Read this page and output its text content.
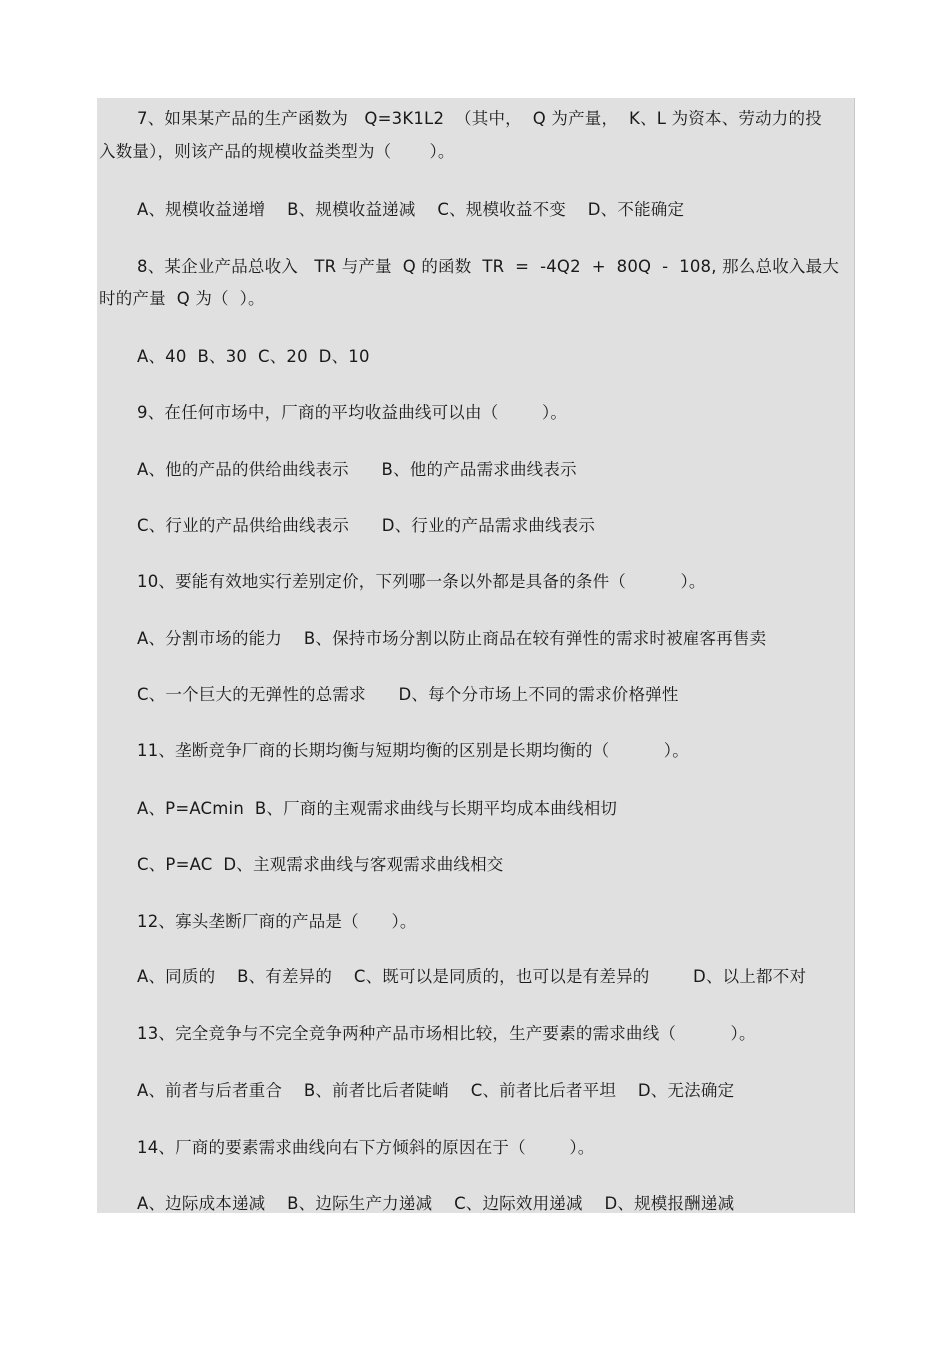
7、如果某产品的生产函数为   Q=3K1L2  （其中，  Q 为产量，  K、L 为资本、劳动力的投
入数量），则该产品的规模收益类型为（       ）。
A、规模收益递增    B、规模收益递减    C、规模收益不变    D、不能确定
8、某企业产品总收入   TR 与产量  Q 的函数  TR  =  -4Q2  +  80Q  -  108, 那么总收入最大
时的产量  Q 为（  ）。
A、40  B、30  C、20  D、10
9、在任何市场中，厂商的平均收益曲线可以由（        ）。
A、他的产品的供给曲线表示      B、他的产品需求曲线表示
C、行业的产品供给曲线表示      D、行业的产品需求曲线表示
10、要能有效地实行差别定价，下列哪一条以外都是具备的条件（          ）。
A、分割市场的能力    B、保持市场分割以防止商品在较有弹性的需求时被雇客再售卖
C、一个巨大的无弹性的总需求      D、每个分市场上不同的需求价格弹性
11、垄断竞争厂商的长期均衡与短期均衡的区别是长期均衡的（          ）。
A、P=ACmin  B、厂商的主观需求曲线与长期平均成本曲线相切
C、P=AC  D、主观需求曲线与客观需求曲线相交
12、寡头垄断厂商的产品是（      ）。
A、同质的    B、有差异的    C、既可以是同质的，也可以是有差异的        D、以上都不对
13、完全竞争与不完全竞争两种产品市场相比较，生产要素的需求曲线（          ）。
A、前者与后者重合    B、前者比后者陡峭    C、前者比后者平坦    D、无法确定
14、厂商的要素需求曲线向右下方倾斜的原因在于（        ）。
A、边际成本递减    B、边际生产力递减    C、边际效用递减    D、规模报酬递减
